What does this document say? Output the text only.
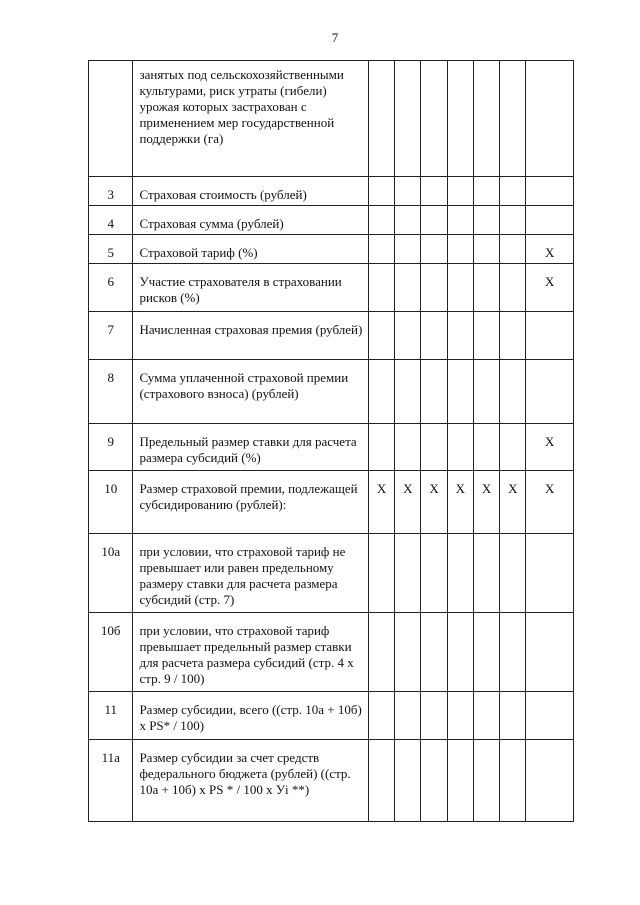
7
	занятых под сельскохозяйственными культурами, риск утраты (гибели) урожая которых застрахован с применением мер государственной поддержки (га)							
3	Страховая стоимость (рублей)							
4	Страховая сумма (рублей)							
5	Страховой тариф (%)							X
6	Участие страхователя в страховании рисков (%)							X
7	Начисленная страховая премия (рублей)							
8	Сумма уплаченной страховой премии (страхового взноса) (рублей)							
9	Предельный размер ставки для расчета размера субсидий (%)							X
10	Размер страховой премии, подлежащей субсидированию (рублей):	X	X	X	X	X	X	X
10а	при условии, что страховой тариф не превышает или равен предельному размеру ставки для расчета размера субсидий (стр. 7)							
10б	при условии, что страховой тариф превышает предельный размер ставки для расчета размера субсидий (стр. 4 x стр. 9 / 100)							
11	Размер субсидии, всего ((стр. 10а + 10б) x PS* / 100)							
11а	Размер субсидии за счет средств федерального бюджета (рублей) ((стр. 10а + 10б) x PS * / 100 x Уi **)							
